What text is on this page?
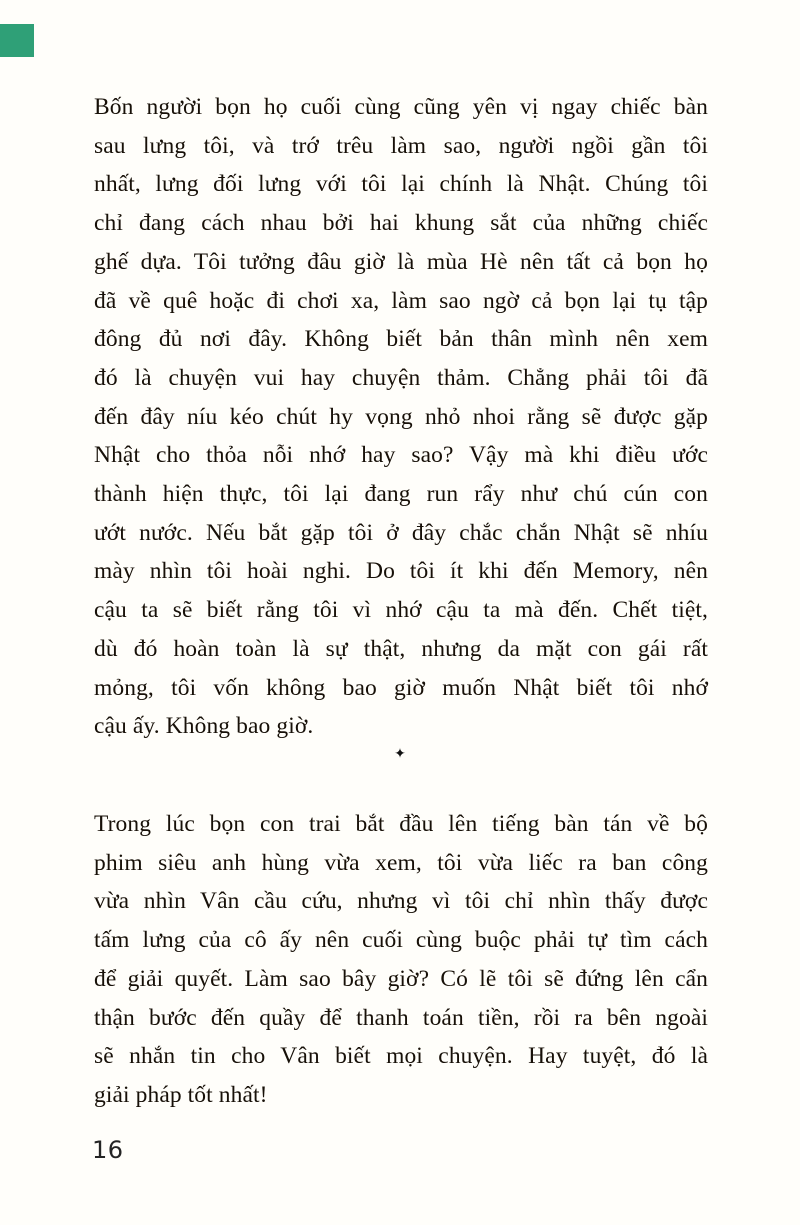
Bốn người bọn họ cuối cùng cũng yên vị ngay chiếc bàn
sau lưng tôi, và trớ trêu làm sao, người ngồi gần tôi
nhất, lưng đối lưng với tôi lại chính là Nhật. Chúng tôi
chỉ đang cách nhau bởi hai khung sắt của những chiếc
ghế dựa. Tôi tưởng đâu giờ là mùa Hè nên tất cả bọn họ
đã về quê hoặc đi chơi xa, làm sao ngờ cả bọn lại tụ tập
đông đủ nơi đây. Không biết bản thân mình nên xem
đó là chuyện vui hay chuyện thảm. Chẳng phải tôi đã
đến đây níu kéo chút hy vọng nhỏ nhoi rằng sẽ được gặp
Nhật cho thỏa nỗi nhớ hay sao? Vậy mà khi điều ước
thành hiện thực, tôi lại đang run rẩy như chú cún con
ướt nước. Nếu bắt gặp tôi ở đây chắc chắn Nhật sẽ nhíu
mày nhìn tôi hoài nghi. Do tôi ít khi đến Memory, nên
cậu ta sẽ biết rằng tôi vì nhớ cậu ta mà đến. Chết tiệt,
dù đó hoàn toàn là sự thật, nhưng da mặt con gái rất
mỏng, tôi vốn không bao giờ muốn Nhật biết tôi nhớ
cậu ấy. Không bao giờ.
✦
Trong lúc bọn con trai bắt đầu lên tiếng bàn tán về bộ
phim siêu anh hùng vừa xem, tôi vừa liếc ra ban công
vừa nhìn Vân cầu cứu, nhưng vì tôi chỉ nhìn thấy được
tấm lưng của cô ấy nên cuối cùng buộc phải tự tìm cách
để giải quyết. Làm sao bây giờ? Có lẽ tôi sẽ đứng lên cẩn
thận bước đến quầy để thanh toán tiền, rồi ra bên ngoài
sẽ nhắn tin cho Vân biết mọi chuyện. Hay tuyệt, đó là
giải pháp tốt nhất!
16
